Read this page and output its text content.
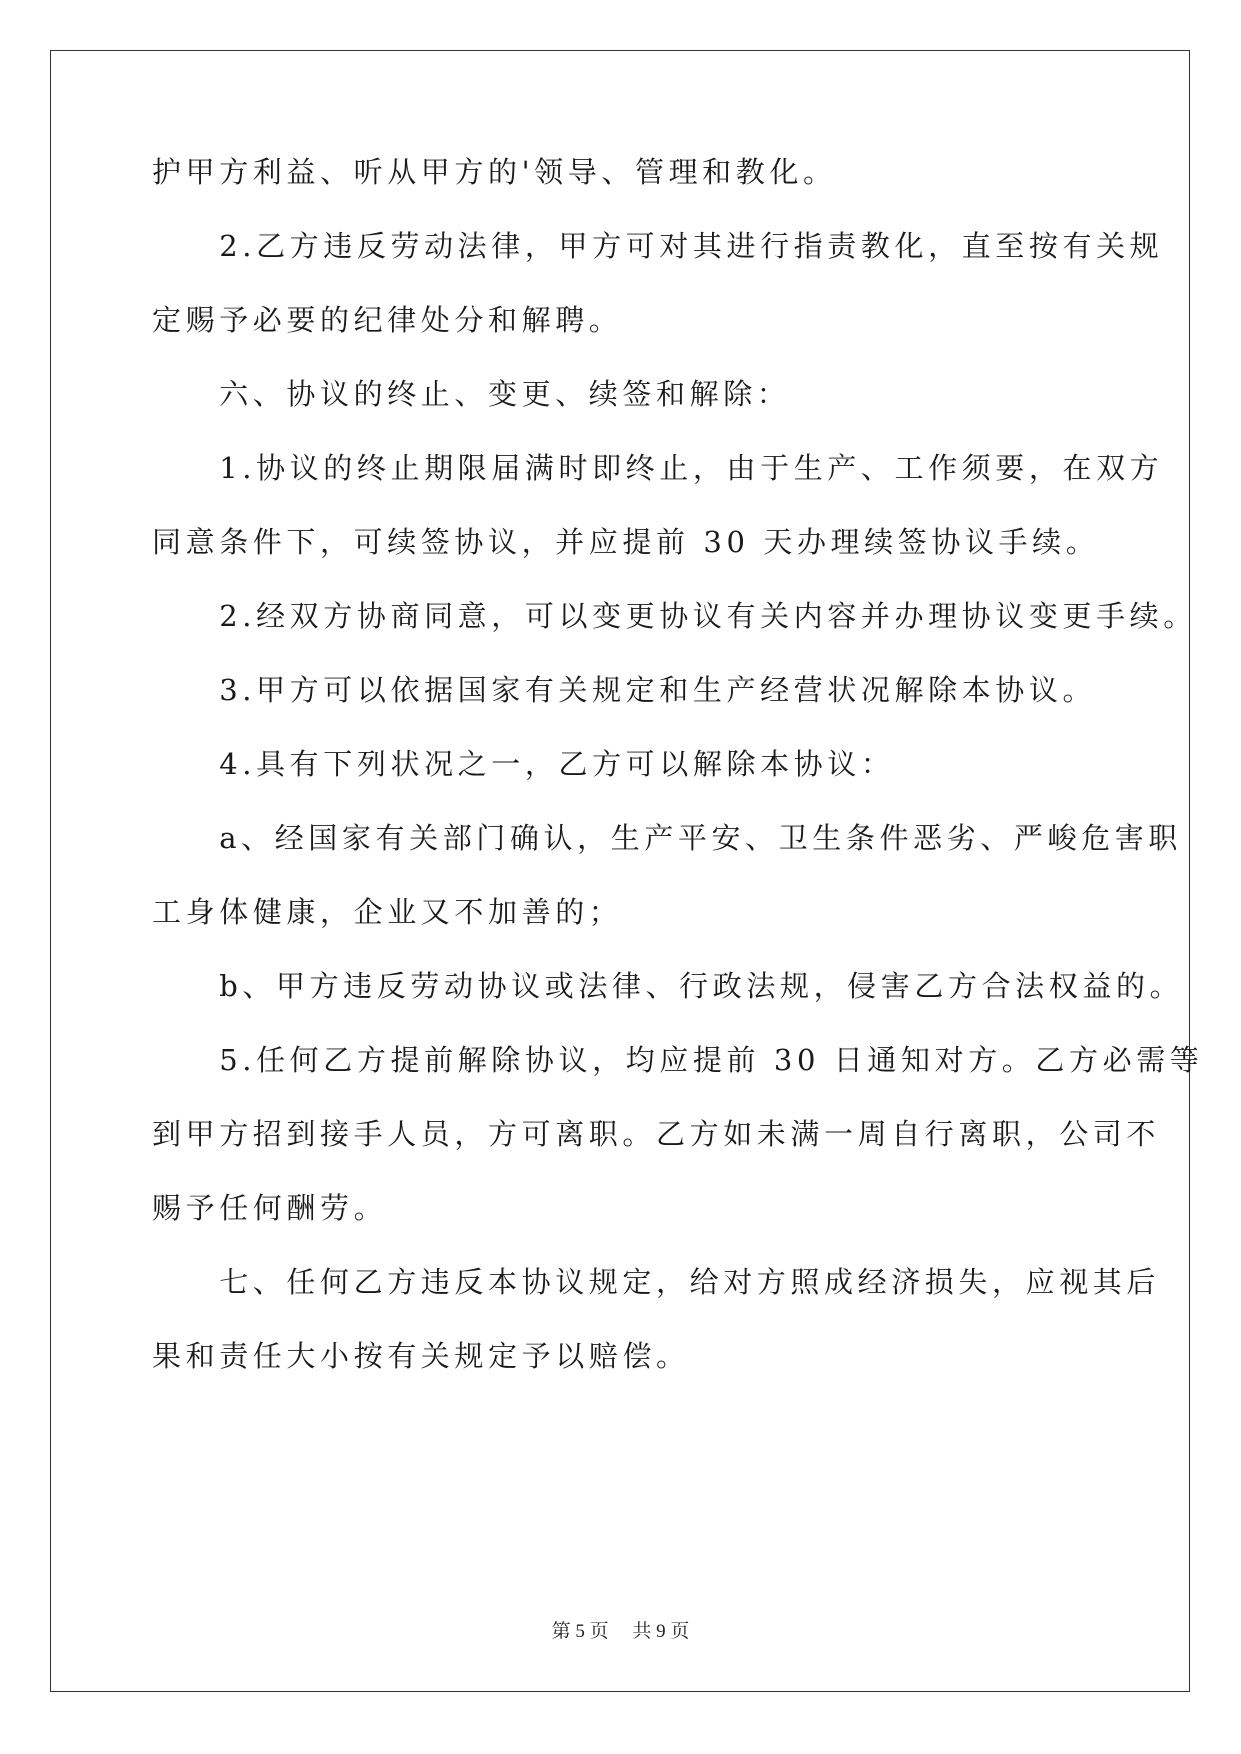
护甲方利益、听从甲方的'领导、管理和教化。
　　2.乙方违反劳动法律，甲方可对其进行指责教化，直至按有关规
定赐予必要的纪律处分和解聘。
　　六、协议的终止、变更、续签和解除：
　　1.协议的终止期限届满时即终止，由于生产、工作须要，在双方
同意条件下，可续签协议，并应提前 30 天办理续签协议手续。
　　2.经双方协商同意，可以变更协议有关内容并办理协议变更手续。
　　3.甲方可以依据国家有关规定和生产经营状况解除本协议。
　　4.具有下列状况之一，乙方可以解除本协议：
　　a、经国家有关部门确认，生产平安、卫生条件恶劣、严峻危害职
工身体健康，企业又不加善的；
　　b、甲方违反劳动协议或法律、行政法规，侵害乙方合法权益的。
　　5.任何乙方提前解除协议，均应提前 30 日通知对方。乙方必需等
到甲方招到接手人员，方可离职。乙方如未满一周自行离职，公司不
赐予任何酬劳。
　　七、任何乙方违反本协议规定，给对方照成经济损失，应视其后
果和责任大小按有关规定予以赔偿。
第 5 页　 共 9 页
